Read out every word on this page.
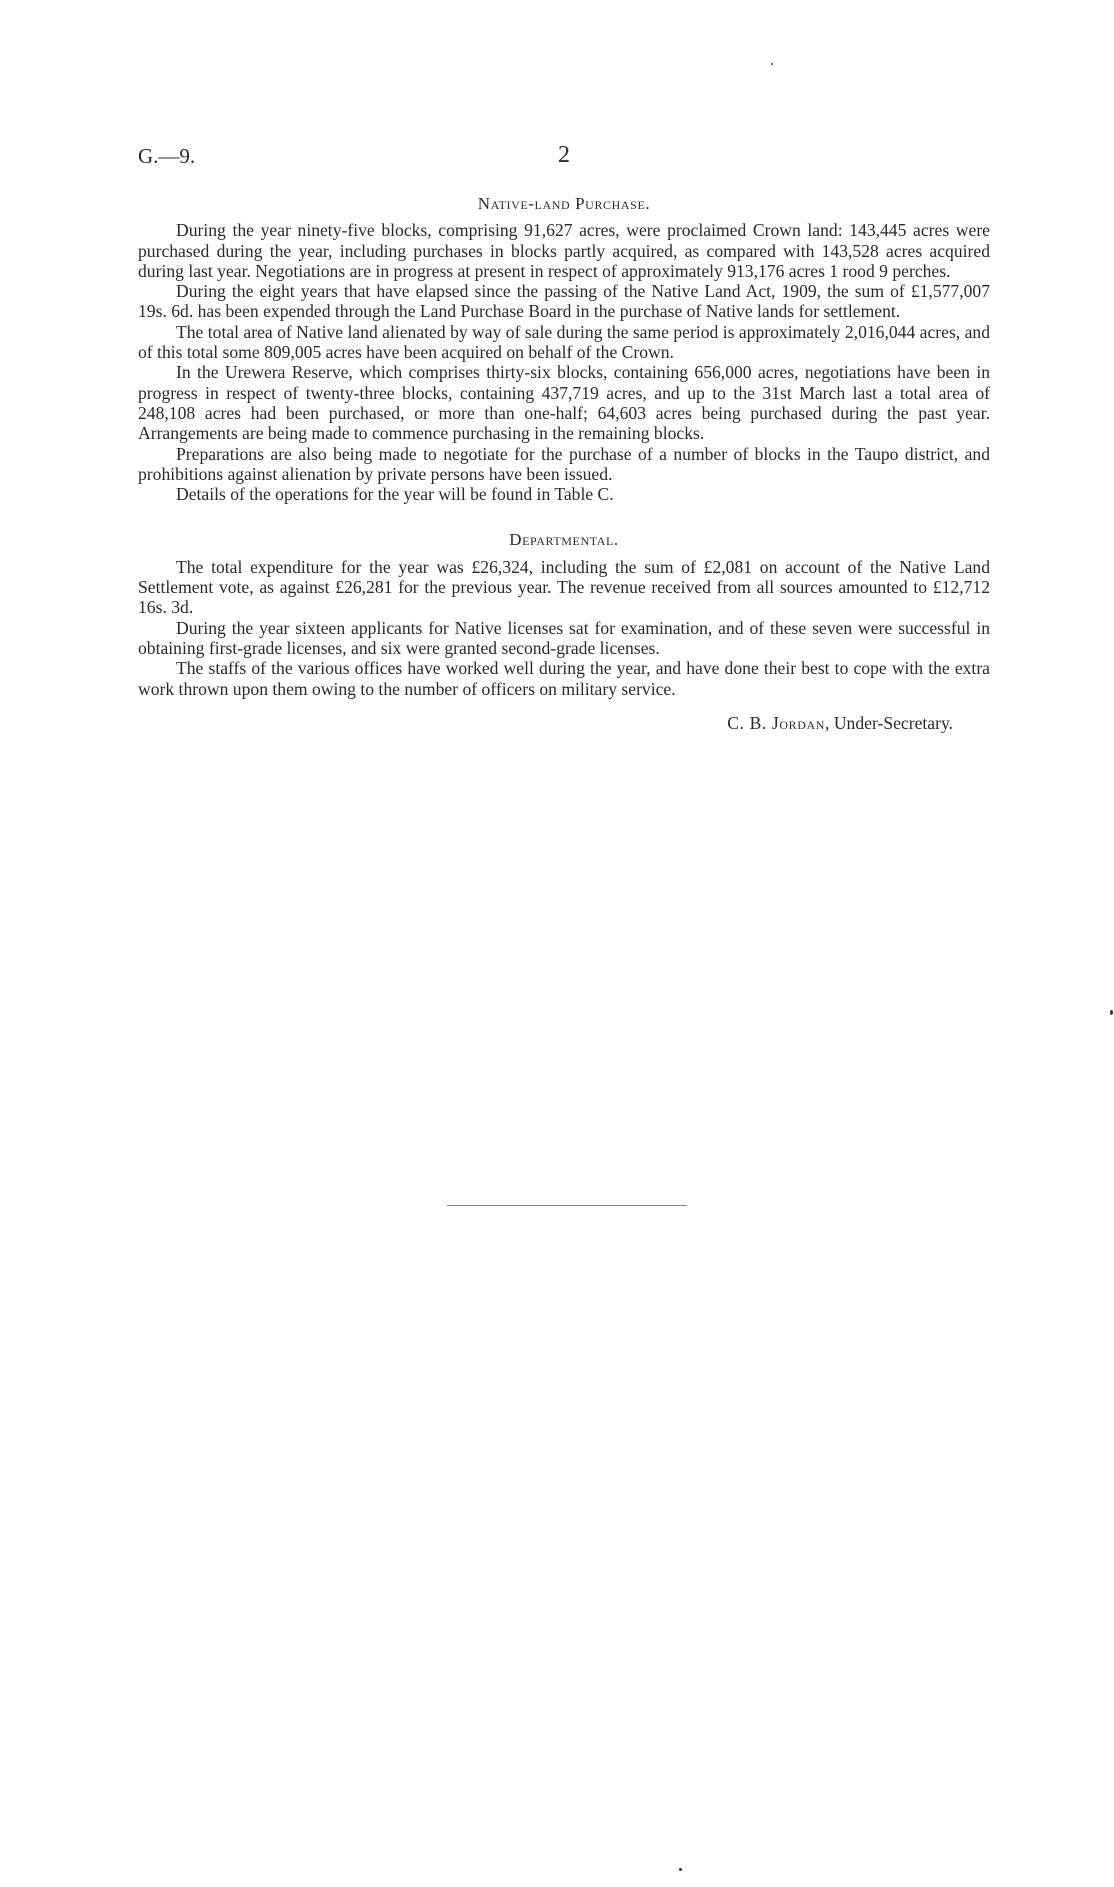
G.—9.	2
Native-land Purchase.

During the year ninety-five blocks, comprising 91,627 acres, were proclaimed Crown land: 143,445 acres were purchased during the year, including purchases in blocks partly acquired, as compared with 143,528 acres acquired during last year. Negotiations are in progress at present in respect of approximately 913,176 acres 1 rood 9 perches.

During the eight years that have elapsed since the passing of the Native Land Act, 1909, the sum of £1,577,007 19s. 6d. has been expended through the Land Purchase Board in the purchase of Native lands for settlement.

The total area of Native land alienated by way of sale during the same period is approximately 2,016,044 acres, and of this total some 809,005 acres have been acquired on behalf of the Crown.

In the Urewera Reserve, which comprises thirty-six blocks, containing 656,000 acres, negotiations have been in progress in respect of twenty-three blocks, containing 437,719 acres, and up to the 31st March last a total area of 248,108 acres had been purchased, or more than one-half; 64,603 acres being purchased during the past year. Arrangements are being made to commence purchasing in the remaining blocks.

Preparations are also being made to negotiate for the purchase of a number of blocks in the Taupo district, and prohibitions against alienation by private persons have been issued.

Details of the operations for the year will be found in Table C.

Departmental.

The total expenditure for the year was £26,324, including the sum of £2,081 on account of the Native Land Settlement vote, as against £26,281 for the previous year. The revenue received from all sources amounted to £12,712 16s. 3d.

During the year sixteen applicants for Native licenses sat for examination, and of these seven were successful in obtaining first-grade licenses, and six were granted second-grade licenses.

The staffs of the various offices have worked well during the year, and have done their best to cope with the extra work thrown upon them owing to the number of officers on military service.

C. B. Jordan, Under-Secretary.
